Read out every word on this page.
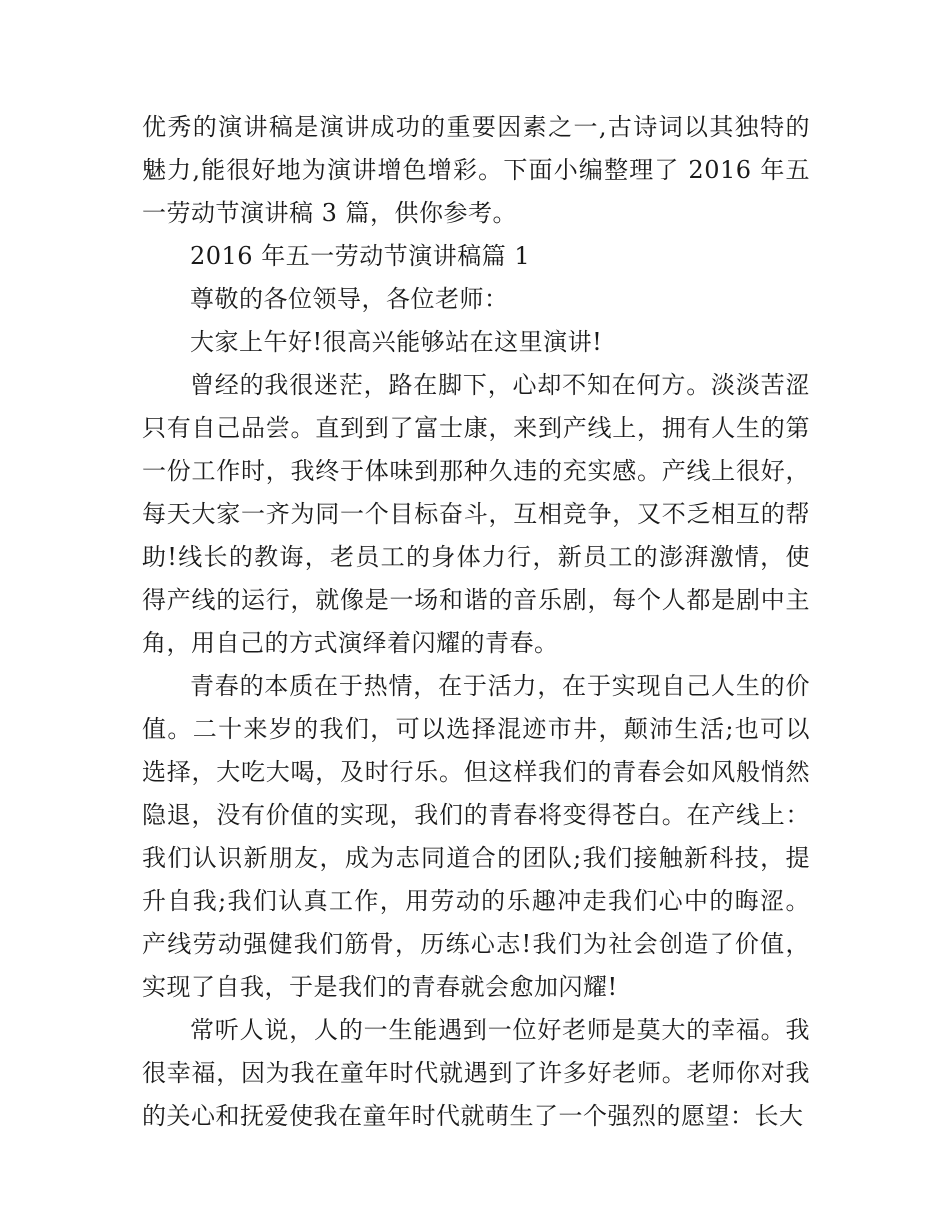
优秀的演讲稿是演讲成功的重要因素之一,古诗词以其独特的魅力,能很好地为演讲增色增彩。下面小编整理了 2016 年五一劳动节演讲稿 3 篇，供你参考。

2016 年五一劳动节演讲稿篇 1

尊敬的各位领导，各位老师：

大家上午好!很高兴能够站在这里演讲!

曾经的我很迷茫，路在脚下，心却不知在何方。淡淡苦涩只有自己品尝。直到到了富士康，来到产线上，拥有人生的第一份工作时，我终于体味到那种久违的充实感。产线上很好，每天大家一齐为同一个目标奋斗，互相竞争，又不乏相互的帮助!线长的教诲，老员工的身体力行，新员工的澎湃激情，使得产线的运行，就像是一场和谐的音乐剧，每个人都是剧中主角，用自己的方式演绎着闪耀的青春。

青春的本质在于热情，在于活力，在于实现自己人生的价值。二十来岁的我们，可以选择混迹市井，颠沛生活;也可以选择，大吃大喝，及时行乐。但这样我们的青春会如风般悄然隐退，没有价值的实现，我们的青春将变得苍白。在产线上：我们认识新朋友，成为志同道合的团队;我们接触新科技，提升自我;我们认真工作，用劳动的乐趣冲走我们心中的晦涩。产线劳动强健我们筋骨，历练心志!我们为社会创造了价值，实现了自我，于是我们的青春就会愈加闪耀!

常听人说，人的一生能遇到一位好老师是莫大的幸福。我很幸福，因为我在童年时代就遇到了许多好老师。老师你对我的关心和抚爱使我在童年时代就萌生了一个强烈的愿望：长大
